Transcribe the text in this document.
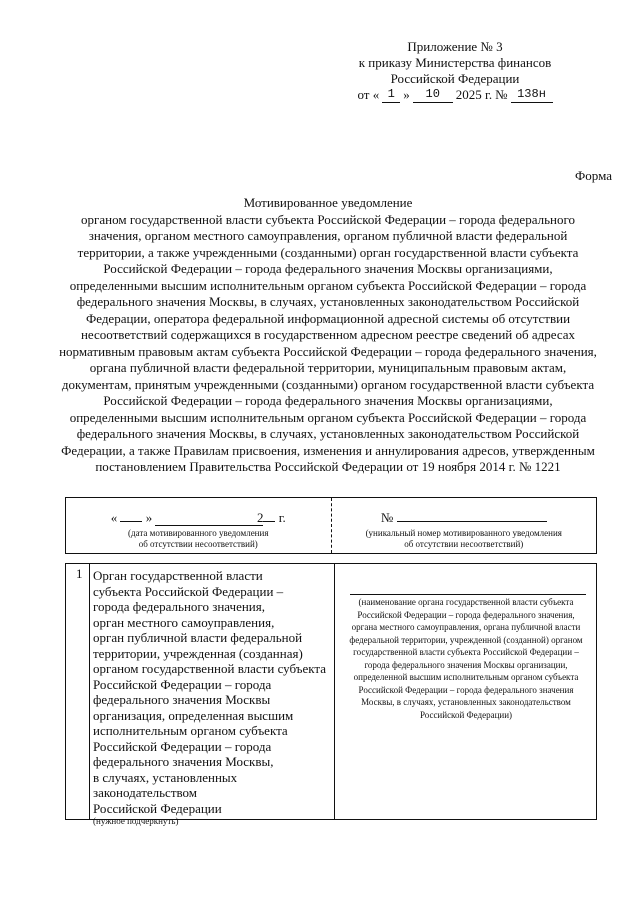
Приложение № 3
к приказу Министерства финансов
Российской Федерации
от « 1 »	10	2025 г. № 138н
Форма
Мотивированное уведомление
органом государственной власти субъекта Российской Федерации – города федерального значения, органом местного самоуправления, органом публичной власти федеральной территории, а также учрежденными (созданными) орган государственной власти субъекта Российской Федерации – города федерального значения Москвы организациями, определенными высшим исполнительным органом субъекта Российской Федерации – города федерального значения Москвы, в случаях, установленных законодательством Российской Федерации, оператора федеральной информационной адресной системы об отсутствии несоответствий содержащихся в государственном адресном реестре сведений об адресах нормативным правовым актам субъекта Российской Федерации – города федерального значения, органа публичной власти федеральной территории, муниципальным правовым актам, документам, принятым учрежденными (созданными) органом государственной власти субъекта Российской Федерации – города федерального значения Москвы организациями, определенными высшим исполнительным органом субъекта Российской Федерации – города федерального значения Москвы, в случаях, установленных законодательством Российской Федерации, а также Правилам присвоения, изменения и аннулирования адресов, утвержденным постановлением Правительства Российской Федерации от 19 ноября 2014 г. № 1221
« »	2 г.
(дата мотивированного уведомления
об отсутствии несоответствий)
№
(уникальный номер мотивированного уведомления
об отсутствии несоответствий)
1 Орган государственной власти
субъекта Российской Федерации –
города федерального значения,
орган местного самоуправления,
орган публичной власти федеральной
территории, учрежденная (созданная)
органом государственной власти субъекта
Российской Федерации – города
федерального значения Москвы
организация, определенная высшим
исполнительным органом субъекта
Российской Федерации – города
федерального значения Москвы,
в случаях, установленных
законодательством
Российской Федерации
(нужное подчеркнуть)
(наименование органа государственной власти субъекта
Российской Федерации – города федерального значения,
органа местного самоуправления, органа публичной власти
федеральной территории, учрежденной (созданной) органом
государственной власти субъекта Российской Федерации –
города федерального значения Москвы организации,
определенной высшим исполнительным органом субъекта
Российской Федерации – города федерального значения
Москвы, в случаях, установленных законодательством
Российской Федерации)
